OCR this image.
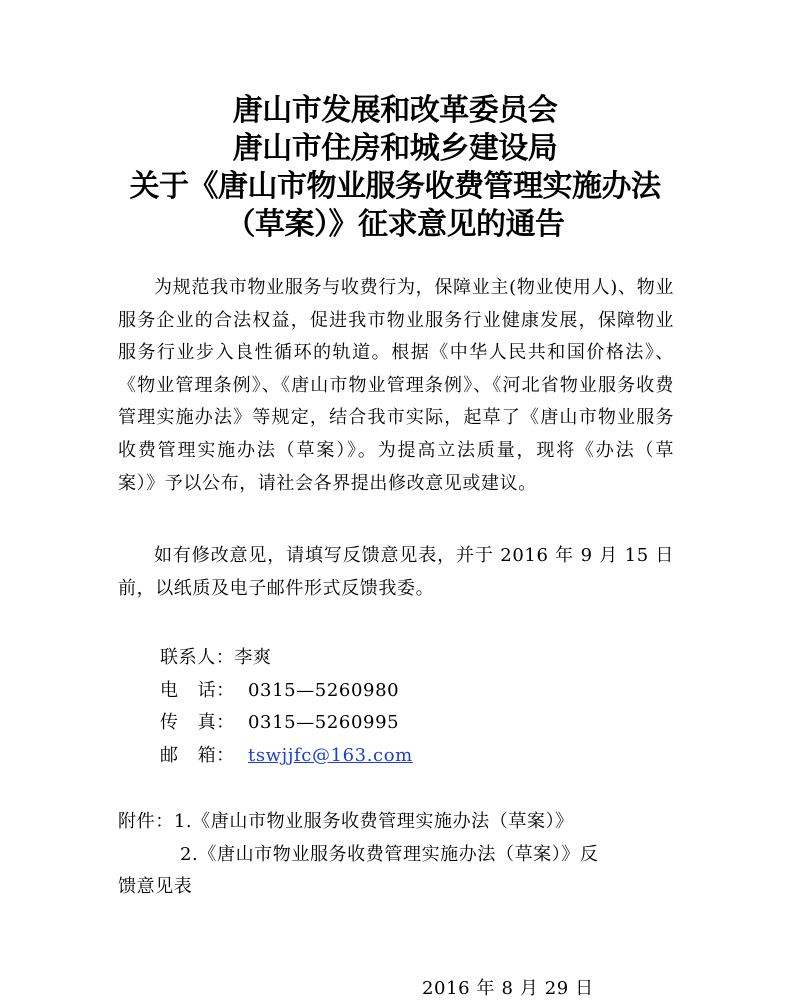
唐山市发展和改革委员会
唐山市住房和城乡建设局
关于《唐山市物业服务收费管理实施办法
（草案）》征求意见的通告

为规范我市物业服务与收费行为，保障业主(物业使用人)、物业服务企业的合法权益，促进我市物业服务行业健康发展，保障物业服务行业步入良性循环的轨道。根据《中华人民共和国价格法》、《物业管理条例》、《唐山市物业管理条例》、《河北省物业服务收费管理实施办法》等规定，结合我市实际，起草了《唐山市物业服务收费管理实施办法（草案）》。为提高立法质量，现将《办法（草案）》予以公布，请社会各界提出修改意见或建议。

如有修改意见，请填写反馈意见表，并于 2016 年 9 月 15 日前，以纸质及电子邮件形式反馈我委。

联系人：李爽
电   话： 0315—5260980
传   真： 0315—5260995
邮   箱： tswjjfc@163.com
附件：1.《唐山市物业服务收费管理实施办法（草案）》
2.《唐山市物业服务收费管理实施办法（草案）》反
馈意见表
2016 年 8 月 29 日
